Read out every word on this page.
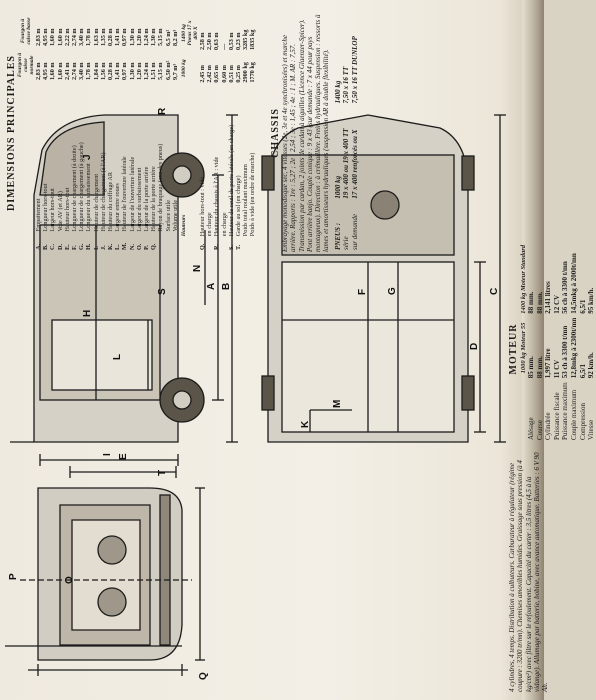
P
E
O
T
Q
H
L
J
R
I
S
N
A B
K
F G
M
C
D
DIMENSIONS PRINCIPALES
		Fourgon à caisse normale	Fourgon à caisse basse
A.	Empattement	2,83 m	2,83 m
B.	Longueur hors-tout	4,95 m	4,95 m
C.	Largeur hors-tout	1,60 m	1,60 m
D.	Voie AV (et AR)	1,60 m	1,60 m
E.	Hauteur hors-tout	2,41 m	2,22 m
F.	Longueur de chargement (à droite)	2,74 m	2,74 m
G.	Longueur de chargement (à gauche)	3,40 m	3,40 m
H.	Longueur du surbaissement	1,78 m	1,78 m
I.	Hauteur de chargement	1,84 m	1,63 m
J.	Hauteur de chargement (à l'AR)	1,56 m	1,35 m
K.	Hauteur du coffrage AR	0,28 m	0,28 m
L.	Largeur entre roues	1,41 m	1,41 m
M.	Hauteur de l'ouverture latérale	0,97 m	0,97 m
N.	Largeur de l'ouverture latérale	1,30 m	1,30 m
O.	Largeur du surbaissement	1,20 m	1,20 m
P.	Largeur de la porte arrière	1,24 m	1,24 m
Q.	Hauteur de la porte arrière	1,51 m	1,30 m
	Rayon de braquage (axe des pneus)	5,15 m	5,15 m
	Surface utile	6,50 m²	6,5 m²
	Volume utile	9,7 m³	8,2 m³
	Hauteurs	1000 kg	1400 kg
			Pneus 17 x 400 X
Q.	Hauteur hors-tout : vide	2,45 m	2,58 m
	en charge	2,42 m	2,50 m
R.	Hauteur du chassis à l'AR : vide	0,65 m	0,63 m
	en charge	0,60 m	—
S.	Hauteur de seuil de porte latérale (en charge)	0,51 m	0,53 m
T.	Garde au sol (en charge)	0,25 m	0,23 m
	Poids total roulant maximum	2900 kg	3285 kg
	Poids à vide (en ordre de marche)	1770 kg	1835 kg
CHASSIS Embrayage monodisque sec, 4 vitesses (2e, 3e et 4e synchronisées) et marche arrière. Rapports : 1re : 5,27 ; 2e : 2,54 ; 3e : 1,45 ; 4e : 1 ; M. AR : 7,57. Transmission par cardan, 2 joints de cardan à aiguilles (Licence Glaenzer-Spicer). Pont arrière banjo. Couple conique : 9 x 43 (sur demande : 7 x 44 pour pays montagneux). Direction : à crémaillère. Freins hydrauliques. Suspension : ressorts à lames et amortisseurs hydrauliques (suspension AR à double flexibilité). PNEUS :	1000 kg	1400 kg
série	19 x 400 ou 19 x 400 TT	7,50 x 16 TT
sur demande	17 x 400 renforcés ou X	7,50 x 16 TT DUNLOP
MOTEUR
4 cylindres, 4 temps. Distribution à culbuteurs. Carburateur à régulateur (régime coupure : 3200 tr/mn). Chemises amovibles humides. Graissage sous pression (à 4 kg/cm²) avec filtre sur le refoulement. Capacité du carter : 3,5 litres (4,5 à la vidange). Allumage par batterie, bobine, avec avance automatique. Batteries : 6 V 90 Ah.
	1000 kg Moteur 55	1400 kg Moteur Standard
Alésage	85 mm.	88 mm.
Course	88 mm.	88 mm.
Cylindrée	1,997 litre	2,141 litres
Puissance fiscale	11 CV	12 CV
Puissance maximum	53 ch à 3300 t/mn	56 ch à 3300 t/mn
Couple maximum	12,8mkg à 2300t/mn	14,5mkg à 2000t/mn
Compression	6,5/1	6,5/1
Vitesse	92 km/h.	95 km/h.
